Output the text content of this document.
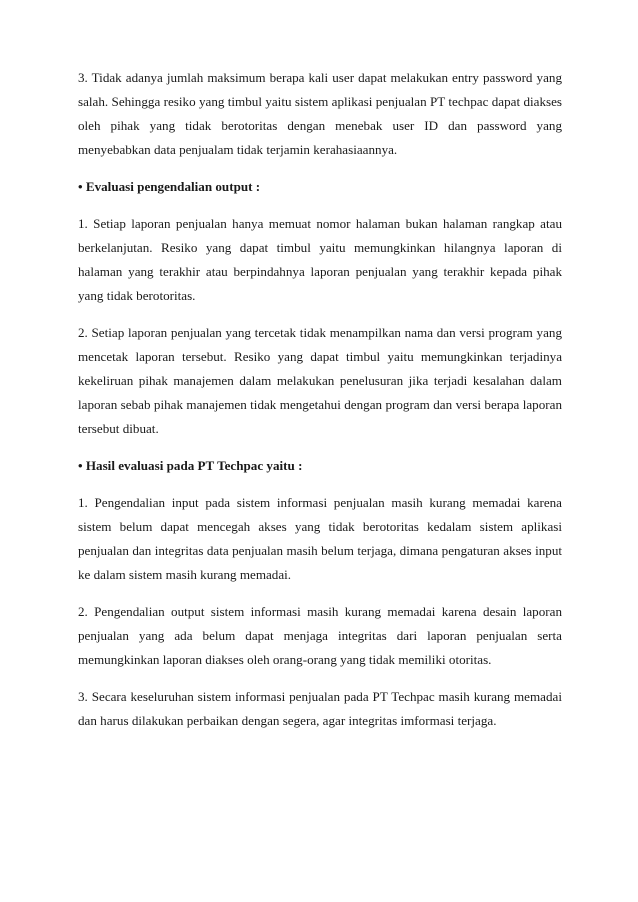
3. Tidak adanya jumlah maksimum berapa kali user dapat melakukan entry password yang salah. Sehingga resiko yang timbul yaitu sistem aplikasi penjualan PT techpac dapat diakses oleh pihak yang tidak berotoritas dengan menebak user ID dan password yang menyebabkan data penjualam tidak terjamin kerahasiaannya.

• Evaluasi pengendalian output :

1. Setiap laporan penjualan hanya memuat nomor halaman bukan halaman rangkap atau berkelanjutan. Resiko yang dapat timbul yaitu memungkinkan hilangnya laporan di halaman yang terakhir atau berpindahnya laporan penjualan yang terakhir kepada pihak yang tidak berotoritas.

2. Setiap laporan penjualan yang tercetak tidak menampilkan nama dan versi program yang mencetak laporan tersebut. Resiko yang dapat timbul yaitu memungkinkan terjadinya kekeliruan pihak manajemen dalam melakukan penelusuran jika terjadi kesalahan dalam laporan sebab pihak manajemen tidak mengetahui dengan program dan versi berapa laporan tersebut dibuat.

• Hasil evaluasi pada PT Techpac yaitu :

1. Pengendalian input pada sistem informasi penjualan masih kurang memadai karena sistem belum dapat mencegah akses yang tidak berotoritas kedalam sistem aplikasi penjualan dan integritas data penjualan masih belum terjaga, dimana pengaturan akses input ke dalam sistem masih kurang memadai.

2. Pengendalian output sistem informasi masih kurang memadai karena desain laporan penjualan yang ada belum dapat menjaga integritas dari laporan penjualan serta memungkinkan laporan diakses oleh orang-orang yang tidak memiliki otoritas.

3. Secara keseluruhan sistem informasi penjualan pada PT Techpac masih kurang memadai dan harus dilakukan perbaikan dengan segera, agar integritas imformasi terjaga.
